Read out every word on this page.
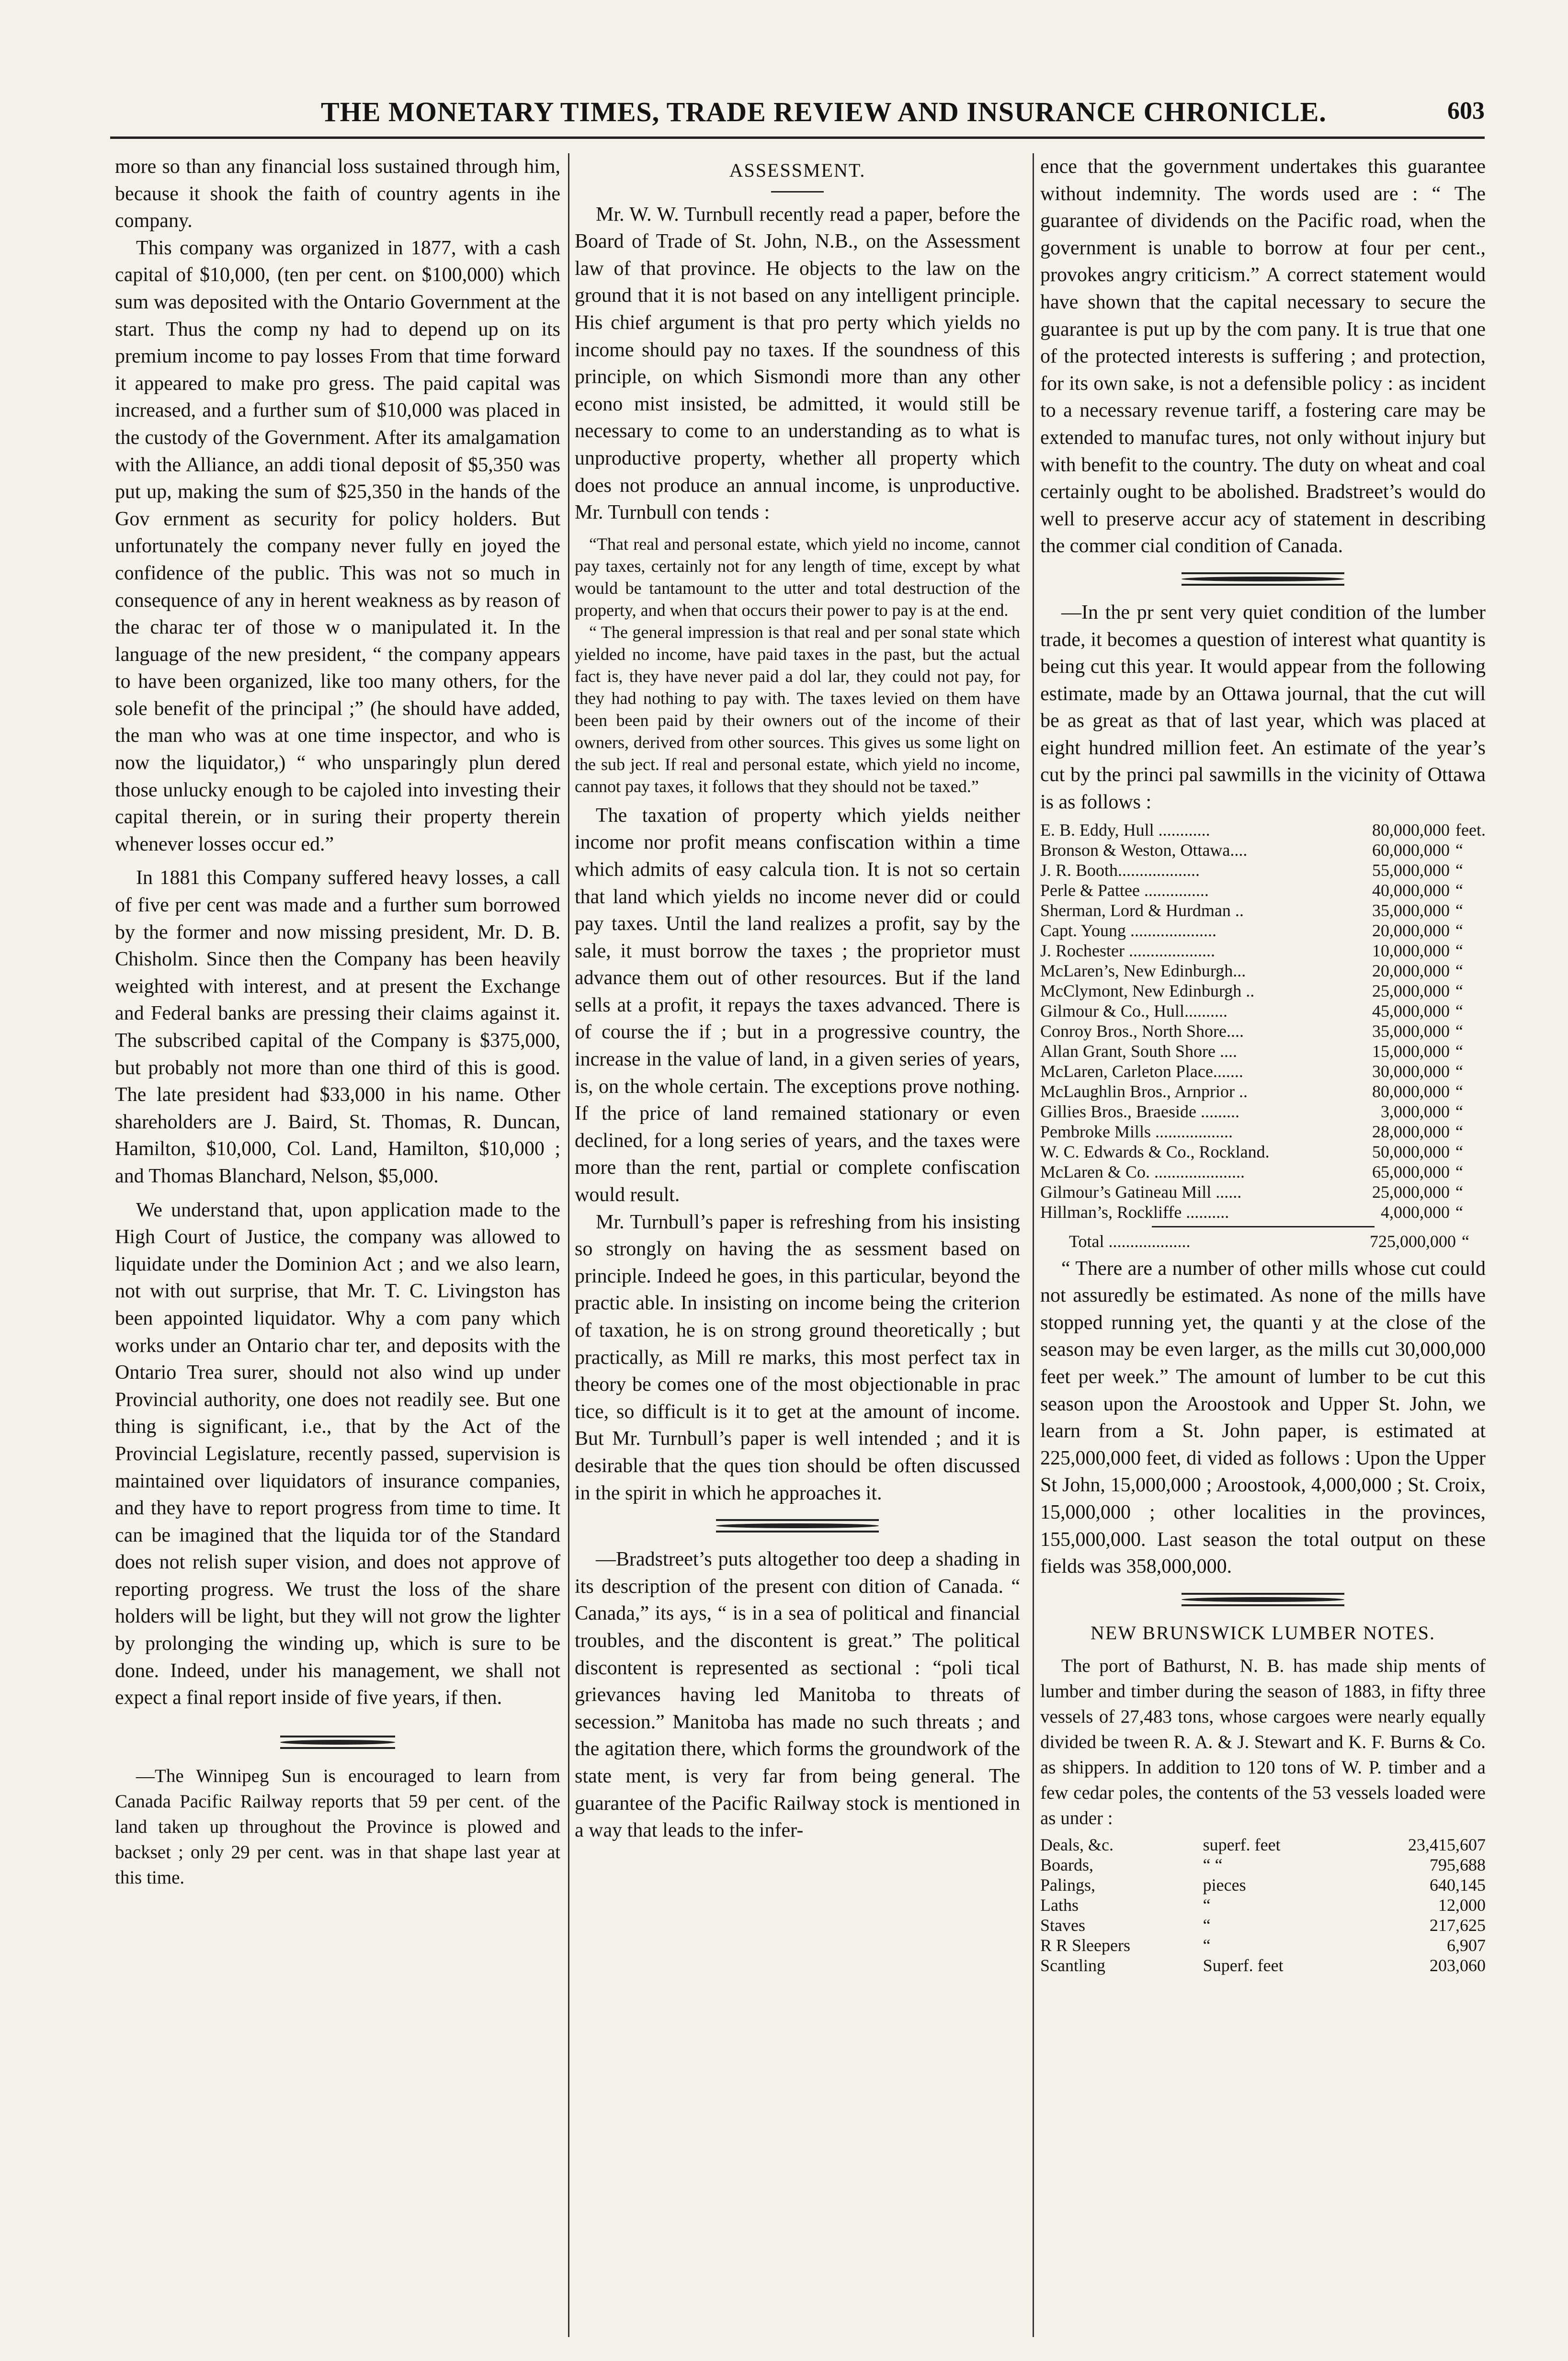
THE MONETARY TIMES, TRADE REVIEW AND INSURANCE CHRONICLE.	603

more so than any financial loss sustained through him, because it shook the faith of country agents in ihe company.

This company was organized in 1877, with a cash capital of $10,000, (ten per cent. on $100,000) which sum was deposited with the Ontario Government at the start. Thus the comp ny had to depend up on its premium income to pay losses From that time forward it appeared to make pro gress. The paid capital was increased, and a further sum of $10,000 was placed in the custody of the Government. After its amalgamation with the Alliance, an addi tional deposit of $5,350 was put up, making the sum of $25,350 in the hands of the Gov ernment as security for policy holders. But unfortunately the company never fully en joyed the confidence of the public. This was not so much in consequence of any in herent weakness as by reason of the charac ter of those w o manipulated it. In the language of the new president, “ the company appears to have been organized, like too many others, for the sole benefit of the principal ;” (he should have added, the man who was at one time inspector, and who is now the liquidator,) “ who unsparingly plun dered those unlucky enough to be cajoled into investing their capital therein, or in suring their property therein whenever losses occur ed.”

In 1881 this Company suffered heavy losses, a call of five per cent was made and a further sum borrowed by the former and now missing president, Mr. D. B. Chisholm. Since then the Company has been heavily weighted with interest, and at present the Exchange and Federal banks are pressing their claims against it. The subscribed capital of the Company is $375,000, but probably not more than one third of this is good. The late president had $33,000 in his name. Other shareholders are J. Baird, St. Thomas, R. Duncan, Hamilton, $10,000, Col. Land, Hamilton, $10,000 ; and Thomas Blanchard, Nelson, $5,000.

We understand that, upon application made to the High Court of Justice, the company was allowed to liquidate under the Dominion Act ; and we also learn, not with out surprise, that Mr. T. C. Livingston has been appointed liquidator. Why a com pany which works under an Ontario char ter, and deposits with the Ontario Trea surer, should not also wind up under Provincial authority, one does not readily see. But one thing is significant, i.e., that by the Act of the Provincial Legislature, recently passed, supervision is maintained over liquidators of insurance companies, and they have to report progress from time to time. It can be imagined that the liquida tor of the Standard does not relish super vision, and does not approve of reporting progress. We trust the loss of the share holders will be light, but they will not grow the lighter by prolonging the winding up, which is sure to be done. Indeed, under his management, we shall not expect a final report inside of five years, if then.

—The Winnipeg Sun is encouraged to learn from Canada Pacific Railway reports that 59 per cent. of the land taken up throughout the Province is plowed and backset ; only 29 per cent. was in that shape last year at this time.

ASSESSMENT.

Mr. W. W. Turnbull recently read a paper, before the Board of Trade of St. John, N.B., on the Assessment law of that province. He objects to the law on the ground that it is not based on any intelligent principle. His chief argument is that pro perty which yields no income should pay no taxes. If the soundness of this principle, on which Sismondi more than any other econo mist insisted, be admitted, it would still be necessary to come to an understanding as to what is unproductive property, whether all property which does not produce an annual income, is unproductive. Mr. Turnbull con tends :

“That real and personal estate, which yield no income, cannot pay taxes, certainly not for any length of time, except by what would be tantamount to the utter and total destruction of the property, and when that occurs their power to pay is at the end.

“ The general impression is that real and per sonal state which yielded no income, have paid taxes in the past, but the actual fact is, they have never paid a dol lar, they could not pay, for they had nothing to pay with. The taxes levied on them have been been paid by their owners out of the income of their owners, derived from other sources. This gives us some light on the sub ject. If real and personal estate, which yield no income, cannot pay taxes, it follows that they should not be taxed.”

The taxation of property which yields neither income nor profit means confiscation within a time which admits of easy calcula tion. It is not so certain that land which yields no income never did or could pay taxes. Until the land realizes a profit, say by the sale, it must borrow the taxes ; the proprietor must advance them out of other resources. But if the land sells at a profit, it repays the taxes advanced. There is of course the if ; but in a progressive country, the increase in the value of land, in a given series of years, is, on the whole certain. The exceptions prove nothing. If the price of land remained stationary or even declined, for a long series of years, and the taxes were more than the rent, partial or complete confiscation would result.

Mr. Turnbull’s paper is refreshing from his insisting so strongly on having the as sessment based on principle. Indeed he goes, in this particular, beyond the practic able. In insisting on income being the criterion of taxation, he is on strong ground theoretically ; but practically, as Mill re marks, this most perfect tax in theory be comes one of the most objectionable in prac tice, so difficult is it to get at the amount of income. But Mr. Turnbull’s paper is well intended ; and it is desirable that the ques tion should be often discussed in the spirit in which he approaches it.

—Bradstreet’s puts altogether too deep a shading in its description of the present con dition of Canada. “ Canada,” its ays, “ is in a sea of political and financial troubles, and the discontent is great.” The political discontent is represented as sectional : “poli tical grievances having led Manitoba to threats of secession.” Manitoba has made no such threats ; and the agitation there, which forms the groundwork of the state ment, is very far from being general. The guarantee of the Pacific Railway stock is mentioned in a way that leads to the infer-

ence that the government undertakes this guarantee without indemnity. The words used are : “ The guarantee of dividends on the Pacific road, when the government is unable to borrow at four per cent., provokes angry criticism.” A correct statement would have shown that the capital necessary to secure the guarantee is put up by the com pany. It is true that one of the protected interests is suffering ; and protection, for its own sake, is not a defensible policy : as incident to a necessary revenue tariff, a fostering care may be extended to manufac tures, not only without injury but with benefit to the country. The duty on wheat and coal certainly ought to be abolished. Bradstreet’s would do well to preserve accur acy of statement in describing the commer cial condition of Canada.

—In the pr sent very quiet condition of the lumber trade, it becomes a question of interest what quantity is being cut this year. It would appear from the following estimate, made by an Ottawa journal, that the cut will be as great as that of last year, which was placed at eight hundred million feet. An estimate of the year’s cut by the princi pal sawmills in the vicinity of Ottawa is as follows :

E. B. Eddy, Hull ............	80,000,000	feet.
Bronson & Weston, Ottawa....	60,000,000	“
J. R. Booth...................	55,000,000	“
Perle & Pattee ...............	40,000,000	“
Sherman, Lord & Hurdman ..	35,000,000	“
Capt. Young ....................	20,000,000	“
J. Rochester ....................	10,000,000	“
McLaren’s, New Edinburgh...	20,000,000	“
McClymont, New Edinburgh ..	25,000,000	“
Gilmour & Co., Hull..........	45,000,000	“
Conroy Bros., North Shore....	35,000,000	“
Allan Grant, South Shore ....	15,000,000	“
McLaren, Carleton Place.......	30,000,000	“
McLaughlin Bros., Arnprior ..	80,000,000	“
Gillies Bros., Braeside .........	3,000,000	“
Pembroke Mills ..................	28,000,000	“
W. C. Edwards & Co., Rockland.	50,000,000	“
McLaren & Co. .....................	65,000,000	“
Gilmour’s Gatineau Mill ......	25,000,000	“
Hillman’s, Rockliffe ..........	4,000,000	“
Total ...................	725,000,000	“

“ There are a number of other mills whose cut could not assuredly be estimated. As none of the mills have stopped running yet, the quanti y at the close of the season may be even larger, as the mills cut 30,000,000 feet per week.” The amount of lumber to be cut this season upon the Aroostook and Upper St. John, we learn from a St. John paper, is estimated at 225,000,000 feet, di vided as follows : Upon the Upper St John, 15,000,000 ; Aroostook, 4,000,000 ; St. Croix, 15,000,000 ; other localities in the provinces, 155,000,000. Last season the total output on these fields was 358,000,000.

NEW BRUNSWICK LUMBER NOTES.

The port of Bathurst, N. B. has made ship ments of lumber and timber during the season of 1883, in fifty three vessels of 27,483 tons, whose cargoes were nearly equally divided be tween R. A. & J. Stewart and K. F. Burns & Co. as shippers. In addition to 120 tons of W. P. timber and a few cedar poles, the contents of the 53 vessels loaded were as under :

Deals, &c.	superf. feet	23,415,607
Boards,	“ “	795,688
Palings,	pieces	640,145
Laths	“	12,000
Staves	“	217,625
R R Sleepers	“	6,907
Scantling	Superf. feet	203,060
